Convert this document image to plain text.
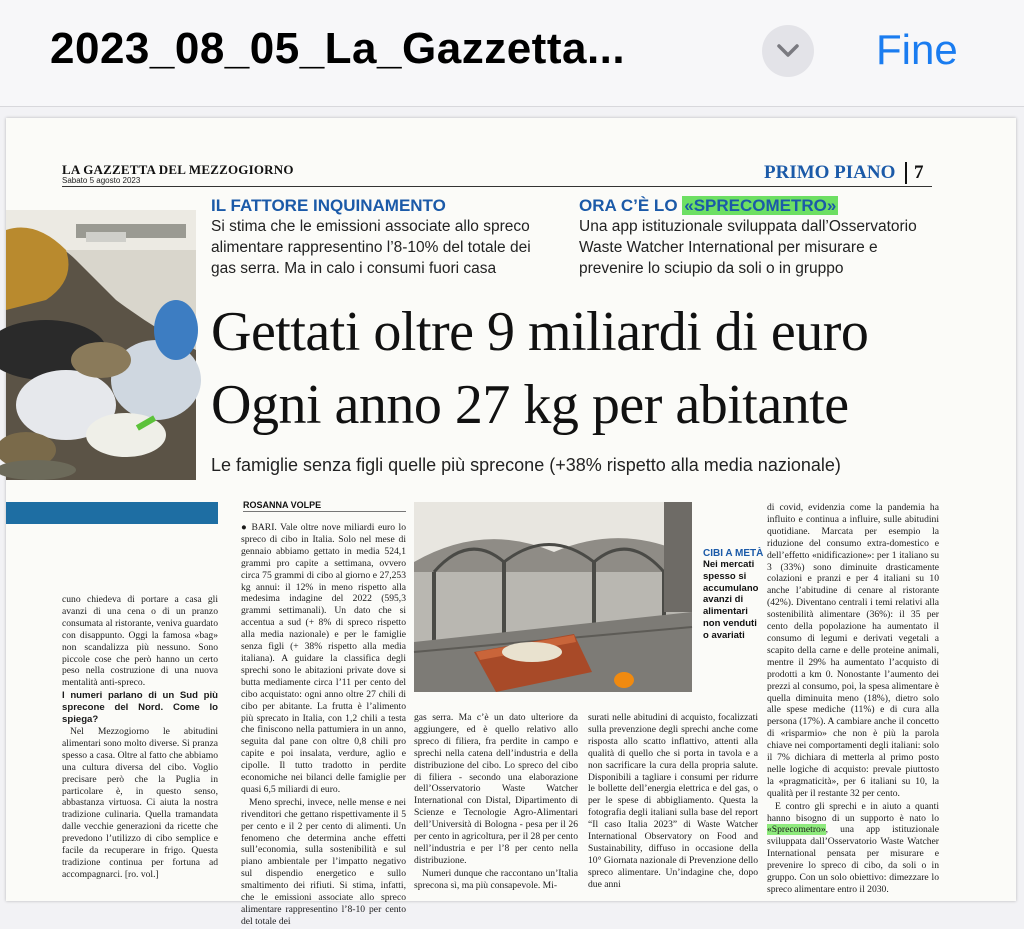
2023_08_05_La_Gazzetta...	Fine
LA GAZZETTA DEL MEZZOGIORNO
Sabato 5 agosto 2023	PRIMO PIANO 7
IL FATTORE INQUINAMENTO
Si stima che le emissioni associate allo spreco alimentare rappresentino l’8-10% del totale dei gas serra. Ma in calo i consumi fuori casa
ORA C’È LO «SPRECOMETRO»
Una app istituzionale sviluppata dall’Osservatorio Waste Watcher International per misurare e prevenire lo sciupio da soli o in gruppo
Gettati oltre 9 miliardi di euro
Ogni anno 27 kg per abitante
Le famiglie senza figli quelle più sprecone (+38% rispetto alla media nazionale)
ROSANNA VOLPE

cuno chiedeva di portare a casa gli avanzi di una cena o di un pranzo consumata al ristorante, veniva guardato con disappunto. Oggi la famosa «bag» non scandalizza più nessuno. Sono piccole cose che però hanno un certo peso nella costruzione di una nuova mentalità anti-spreco.

I numeri parlano di un Sud più sprecone del Nord. Come lo spiega?

Nel Mezzogiorno le abitudini alimentari sono molto diverse. Si pranza spesso a casa. Oltre al fatto che abbiamo una cultura diversa del cibo. Voglio precisare però che la Puglia in particolare è, in questo senso, abbastanza virtuosa. Ci aiuta la nostra tradizione culinaria. Quella tramandata dalle vecchie generazioni da ricette che prevedono l’utilizzo di cibo semplice e facile da recuperare in frigo. Questa tradizione continua per fortuna ad accompagnarci. [ro. vol.]

● BARI. Vale oltre nove miliardi euro lo spreco di cibo in Italia. Solo nel mese di gennaio abbiamo gettato in media 524,1 grammi pro capite a settimana, ovvero circa 75 grammi di cibo al giorno e 27,253 kg annui: il 12% in meno rispetto alla medesima indagine del 2022 (595,3 grammi settimanali). Un dato che si accentua a sud (+ 8% di spreco rispetto alla media nazionale) e per le famiglie senza figli (+ 38% rispetto alla media italiana). A guidare la classifica degli sprechi sono le abitazioni private dove si butta mediamente circa l’11 per cento del cibo acquistato: ogni anno oltre 27 chili di cibo per abitante. La frutta è l’alimento più sprecato in Italia, con 1,2 chili a testa che finiscono nella pattumiera in un anno, seguita dal pane con oltre 0,8 chili pro capite e poi insalata, verdure, aglio e cipolle. Il tutto tradotto in perdite economiche nei bilanci delle famiglie per quasi 6,5 miliardi di euro.

Meno sprechi, invece, nelle mense e nei rivenditori che gettano rispettivamente il 5 per cento e il 2 per cento di alimenti. Un fenomeno che determina anche effetti sull’economia, sulla sostenibilità e sul piano ambientale per l’impatto negativo sul dispendio energetico e sullo smaltimento dei rifiuti. Si stima, infatti, che le emissioni associate allo spreco alimentare rappresentino l’8-10 per cento del totale dei

CIBI A METÀ
Nei mercati spesso si accumulano avanzi di alimentari non venduti o avariati

gas serra. Ma c’è un dato ulteriore da aggiungere, ed è quello relativo allo spreco di filiera, fra perdite in campo e sprechi nella catena dell’industria e della distribuzione del cibo. Lo spreco del cibo di filiera - secondo una elaborazione dell’Osservatorio Waste Watcher International con Distal, Dipartimento di Scienze e Tecnologie Agro-Alimentari dell’Università di Bologna - pesa per il 26 per cento in agricoltura, per il 28 per cento nell’industria e per l’8 per cento nella distribuzione.

Numeri dunque che raccontano un’Italia sprecona sì, ma più consapevole. Mi-

surati nelle abitudini di acquisto, focalizzati sulla prevenzione degli sprechi anche come risposta allo scatto inflattivo, attenti alla qualità di quello che si porta in tavola e a non sacrificare la cura della propria salute. Disponibili a tagliare i consumi per ridurre le bollette dell’energia elettrica e del gas, o per le spese di abbigliamento. Questa la fotografia degli italiani sulla base del report “Il caso Italia 2023” di Waste Watcher International Observatory on Food and Sustainability, diffuso in occasione della 10° Giornata nazionale di Prevenzione dello spreco alimentare. Un’indagine che, dopo due anni

di covid, evidenzia come la pandemia ha influito e continua a influire, sulle abitudini quotidiane. Marcata per esempio la riduzione del consumo extra-domestico e dell’effetto «nidificazione»: per 1 italiano su 3 (33%) sono diminuite drasticamente colazioni e pranzi e per 4 italiani su 10 anche l’abitudine di cenare al ristorante (42%). Diventano centrali i temi relativi alla sostenibilità alimentare (36%): il 35 per cento della popolazione ha aumentato il consumo di legumi e derivati vegetali a scapito della carne e delle proteine animali, mentre il 29% ha aumentato l’acquisto di prodotti a km 0. Nonostante l’aumento dei prezzi al consumo, poi, la spesa alimentare è quella diminuita meno (18%), dietro solo alle spese mediche (11%) e di cura alla persona (17%). A cambiare anche il concetto di «risparmio» che non è più la parola chiave nei comportamenti degli italiani: solo il 7% dichiara di metterla al primo posto nelle logiche di acquisto: prevale piuttosto la «pragmaticità», per 6 italiani su 10, la qualità per il restante 32 per cento.

E contro gli sprechi e in aiuto a quanti hanno bisogno di un supporto è nato lo «Sprecometro», una app istituzionale sviluppata dall’Osservatorio Waste Watcher International pensata per misurare e prevenire lo spreco di cibo, da soli o in gruppo. Con un solo obiettivo: dimezzare lo spreco alimentare entro il 2030.
